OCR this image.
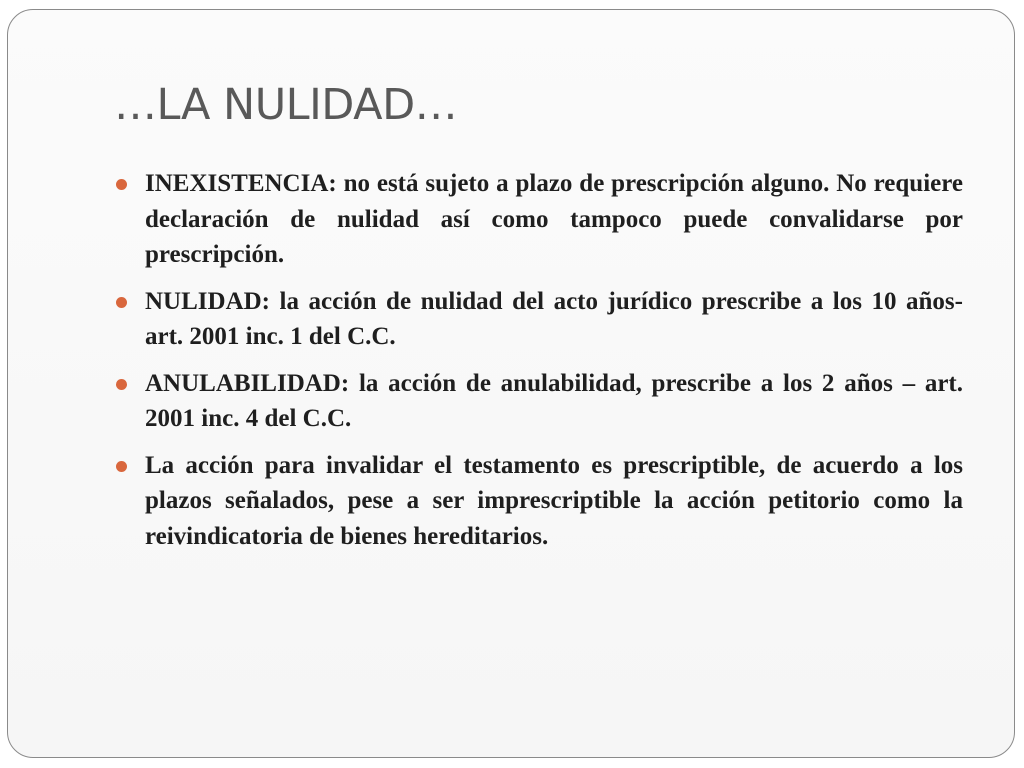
…LA NULIDAD…
INEXISTENCIA: no está sujeto a plazo de prescripción alguno. No requiere declaración de nulidad así como tampoco puede convalidarse por prescripción.
NULIDAD: la acción de nulidad del acto jurídico prescribe a los 10 años- art. 2001 inc. 1 del C.C.
ANULABILIDAD: la acción de anulabilidad, prescribe a los 2 años – art. 2001 inc. 4 del C.C.
La acción para invalidar el testamento es prescriptible, de acuerdo a los plazos señalados, pese a ser imprescriptible la acción petitorio como la reivindicatoria de bienes hereditarios.
